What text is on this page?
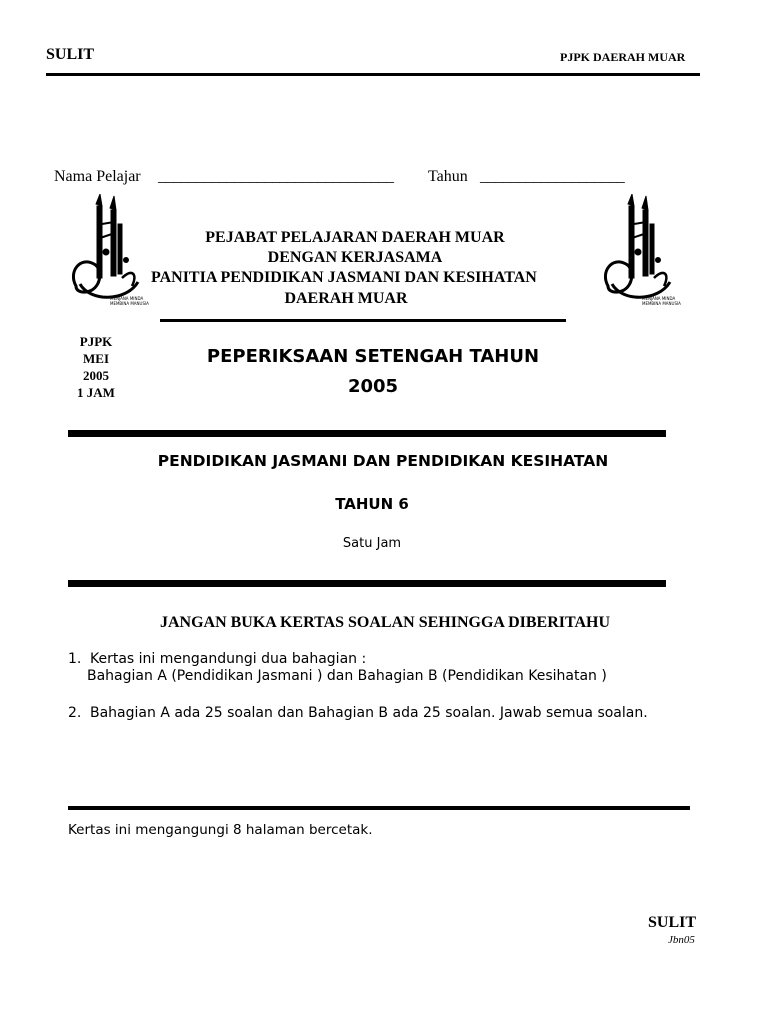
SULIT	PJPK DAERAH MUAR
Nama Pelajar _______________________________ Tahun ___________________
MENJANA MINDA
MEMBINA MANUSIA
MENJANA MINDA
MEMBINA MANUSIA
PEJABAT PELAJARAN DAERAH MUAR
DENGAN KERJASAMA
PANITIA PENDIDIKAN JASMANI DAN KESIHATAN
DAERAH MUAR
PJPK
MEI
2005
1 JAM
PEPERIKSAAN SETENGAH TAHUN
2005
PENDIDIKAN JASMANI DAN PENDIDIKAN KESIHATAN
TAHUN 6
Satu Jam
JANGAN BUKA KERTAS SOALAN SEHINGGA DIBERITAHU
1. Kertas ini mengandungi dua bahagian :
Bahagian A (Pendidikan Jasmani ) dan Bahagian B (Pendidikan Kesihatan )
2. Bahagian A ada 25 soalan dan Bahagian B ada 25 soalan. Jawab semua soalan.
Kertas ini mengangungi 8 halaman bercetak.
SULIT
Jbn05
